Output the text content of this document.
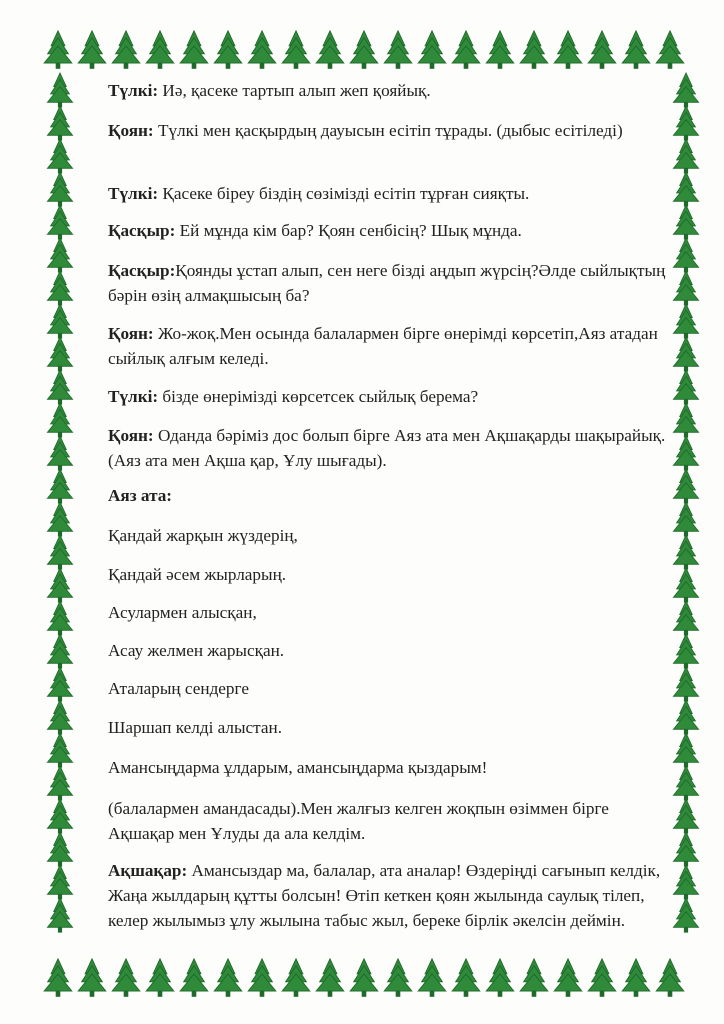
Түлкі: Иә, қасеке тартып алып жеп қояйық.

Қоян: Түлкі мен қасқырдың дауысын есітіп тұрады. (дыбыс есітіледі)

Түлкі: Қасеке біреу біздің сөзімізді есітіп тұрған сияқты.

Қасқыр: Ей мұнда кім бар? Қоян сенбісің? Шық мұнда.

Қасқыр:Қоянды ұстап алып, сен неге бізді аңдып жүрсің?Әлде сыйлықтың бәрін өзің алмақшысың ба?

Қоян: Жо-жоқ.Мен осында балалармен бірге өнерімді көрсетіп,Аяз атадан сыйлық алғым келеді.

Түлкі: бізде өнерімізді көрсетсек сыйлық берема?

Қоян: Оданда бәріміз дос болып бірге Аяз ата мен Ақшақарды шақырайық. (Аяз ата мен Ақша қар, Ұлу шығады).

Аяз ата:

Қандай жарқын жүздерің,

Қандай әсем жырларың.

Асулармен алысқан,

Асау желмен жарысқан.

Аталарың сендерге

Шаршап келді алыстан.

Амансыңдарма ұлдарым, амансыңдарма қыздарым!

(балалармен амандасады).Мен жалғыз келген жоқпын өзіммен бірге Ақшақар мен Ұлуды да ала келдім.

Ақшақар: Амансыздар ма, балалар, ата аналар! Өздеріңді сағынып келдік, Жаңа жылдарың құтты болсын! Өтіп кеткен қоян жылында саулық тілеп, келер жылымыз ұлу жылына табыс жыл, береке бірлік әкелсін деймін.
